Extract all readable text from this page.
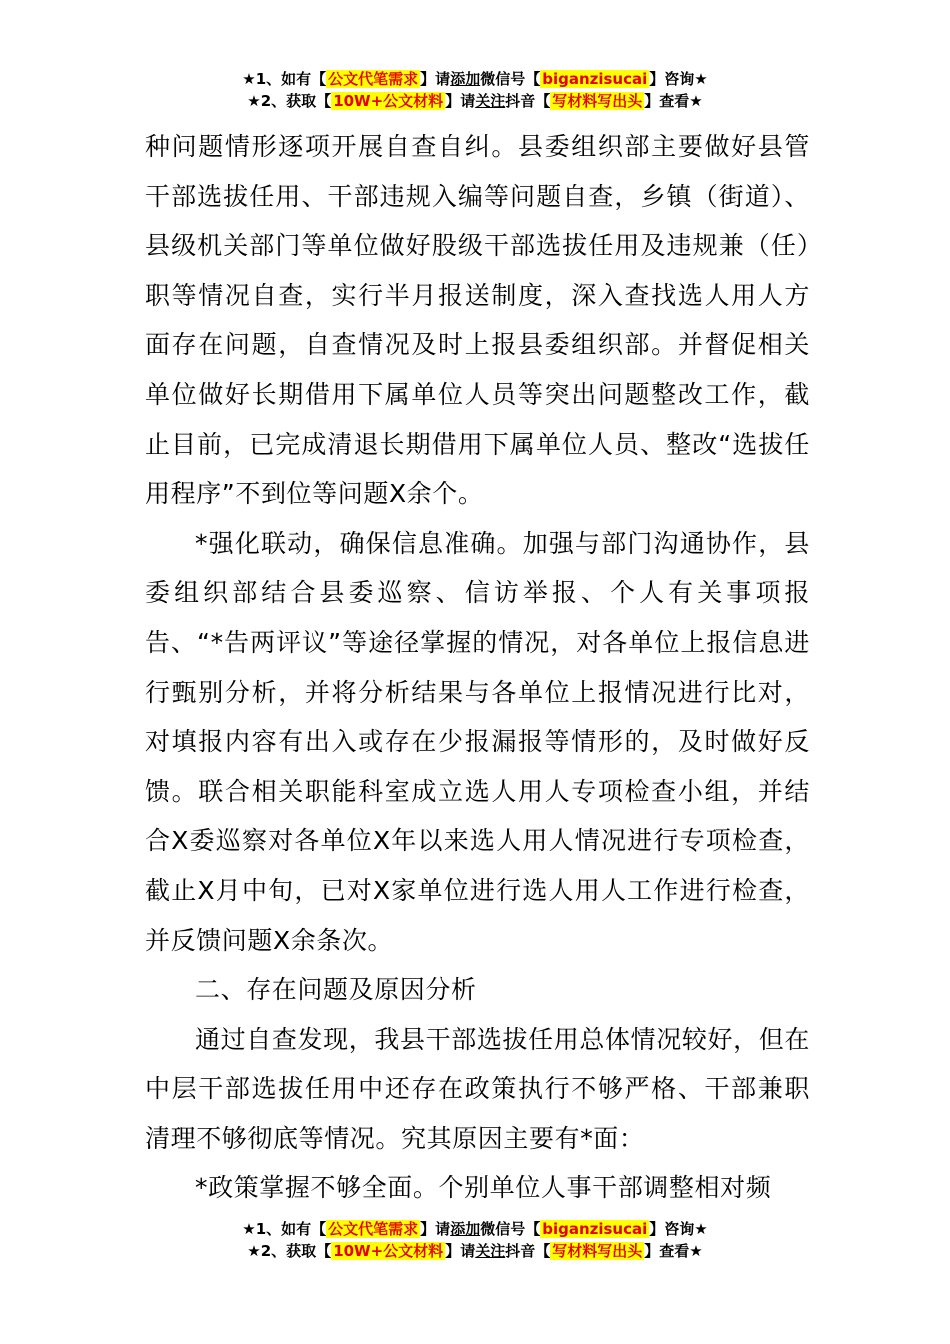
★1、如有【 公文代笔需求 】请添加微信号【 biganzisucai 】咨询★
★2、获取【 10W+公文材料 】请关注抖音【 写材料写出头 】查看★

种问题情形逐项开展自查自纠。县委组织部主要做好县管干部选拔任用、干部违规入编等问题自查，乡镇（街道）、县级机关部门等单位做好股级干部选拔任用及违规兼（任）职等情况自查，实行半月报送制度，深入查找选人用人方面存在问题，自查情况及时上报县委组织部。并督促相关单位做好长期借用下属单位人员等突出问题整改工作，截止目前，已完成清退长期借用下属单位人员、整改“选拔任用程序”不到位等问题X余个。

*强化联动，确保信息准确。加强与部门沟通协作，县委组织部结合县委巡察、信访举报、个人有关事项报告、“*告两评议”等途径掌握的情况，对各单位上报信息进行甄别分析，并将分析结果与各单位上报情况进行比对，对填报内容有出入或存在少报漏报等情形的，及时做好反馈。联合相关职能科室成立选人用人专项检查小组，并结合X委巡察对各单位X年以来选人用人情况进行专项检查，截止X月中旬，已对X家单位进行选人用人工作进行检查，并反馈问题X余条次。

二、存在问题及原因分析

通过自查发现，我县干部选拔任用总体情况较好，但在中层干部选拔任用中还存在政策执行不够严格、干部兼职清理不够彻底等情况。究其原因主要有*面：

*政策掌握不够全面。个别单位人事干部调整相对频

★1、如有【 公文代笔需求 】请添加微信号【 biganzisucai 】咨询★
★2、获取【 10W+公文材料 】请关注抖音【 写材料写出头 】查看★
